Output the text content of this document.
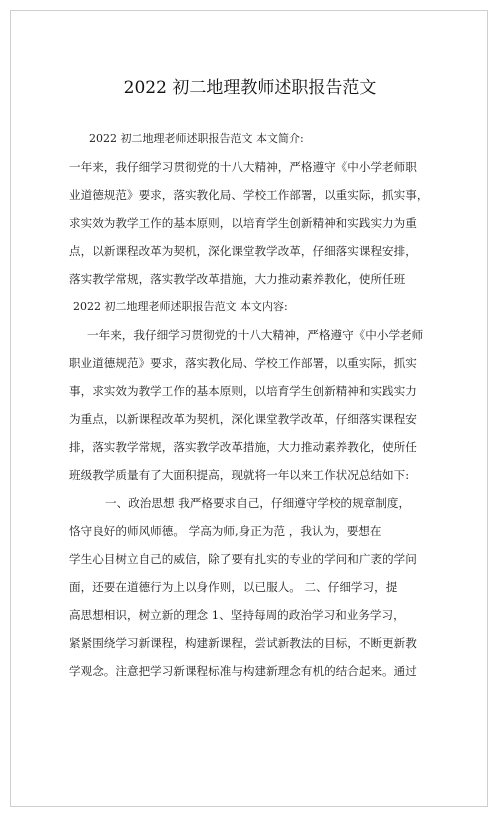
2022 初二地理教师述职报告范文
2022 初二地理老师述职报告范文 本文简介:
一年来，我仔细学习贯彻党的十八大精神，严格遵守《中小学老师职
业道德规范》要求，落实教化局、学校工作部署，以重实际，抓实事，
求实效为教学工作的基本原则，以培育学生创新精神和实践实力为重
点，以新课程改革为契机，深化课堂教学改革，仔细落实课程安排，
落实教学常规，落实教学改革措施，大力推动素养教化，使所任班
2022 初二地理老师述职报告范文 本文内容:
一年来，我仔细学习贯彻党的十八大精神，严格遵守《中小学老师
职业道德规范》要求，落实教化局、学校工作部署，以重实际，抓实
事，求实效为教学工作的基本原则，以培育学生创新精神和实践实力
为重点，以新课程改革为契机，深化课堂教学改革，仔细落实课程安
排，落实教学常规，落实教学改革措施，大力推动素养教化，使所任
班级教学质量有了大面积提高，现就将一年以来工作状况总结如下:
一、政治思想 我严格要求自己，仔细遵守学校的规章制度，
恪守良好的师风师德。 学高为师,身正为范 ，我认为，要想在
学生心目树立自己的威信，除了要有扎实的专业的学问和广袤的学问
面，还要在道德行为上以身作则，以已服人。 二、仔细学习，提
高思想相识，树立新的理念 1、坚持每周的政治学习和业务学习，
紧紧围绕学习新课程，构建新课程，尝试新教法的目标，不断更新教
学观念。注意把学习新课程标准与构建新理念有机的结合起来。通过
